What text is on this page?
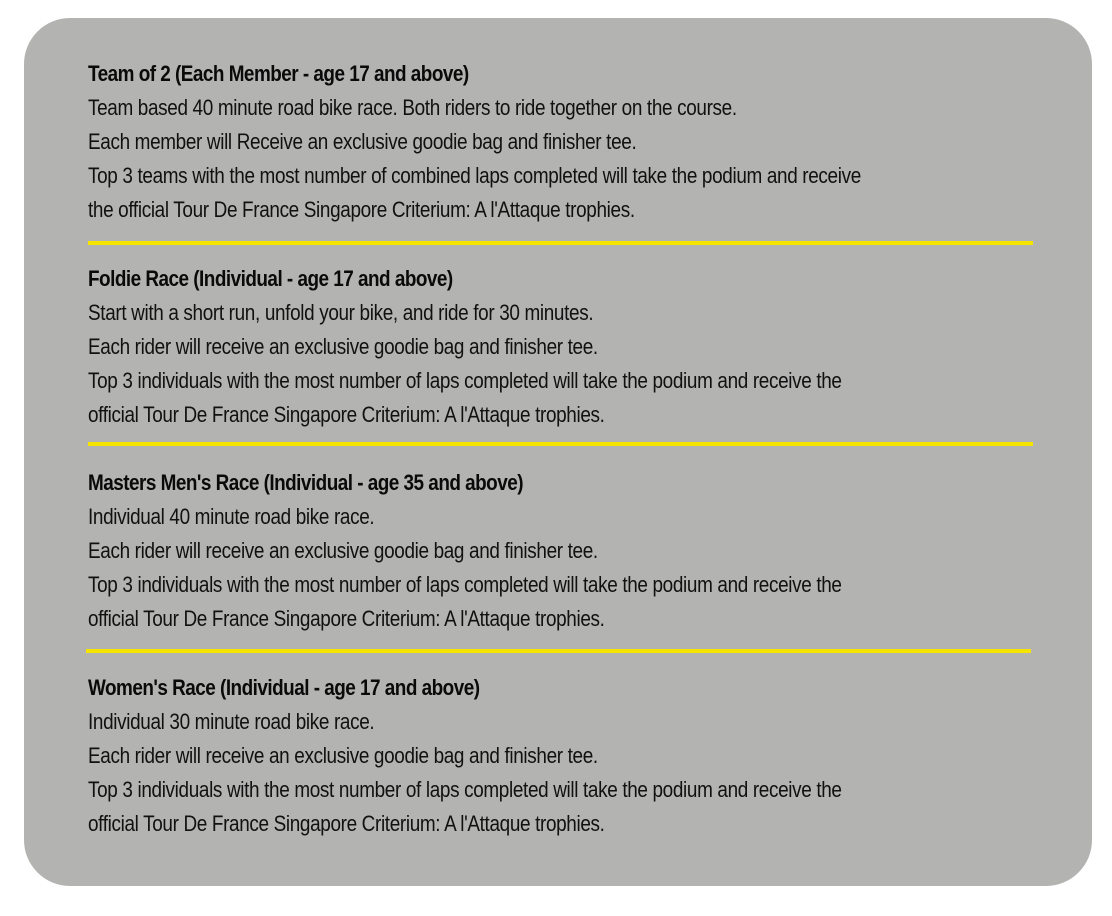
Team of 2 (Each Member - age 17 and above)
Team based 40 minute road bike race. Both riders to ride together on the course.
Each member will Receive an exclusive goodie bag and finisher tee.
Top 3 teams with the most number of combined laps completed will take the podium and receive
the official Tour De France Singapore Criterium: A l'Attaque trophies.
Foldie Race (Individual - age 17 and above)
Start with a short run, unfold your bike, and ride for 30 minutes.
Each rider will receive an exclusive goodie bag and finisher tee.
Top 3 individuals with the most number of laps completed will take the podium and receive the
official Tour De France Singapore Criterium: A l'Attaque trophies.
Masters Men's Race (Individual - age 35 and above)
Individual 40 minute road bike race.
Each rider will receive an exclusive goodie bag and finisher tee.
Top 3 individuals with the most number of laps completed will take the podium and receive the
official Tour De France Singapore Criterium: A l'Attaque trophies.
Women's Race (Individual - age 17 and above)
Individual 30 minute road bike race.
Each rider will receive an exclusive goodie bag and finisher tee.
Top 3 individuals with the most number of laps completed will take the podium and receive the
official Tour De France Singapore Criterium: A l'Attaque trophies.
